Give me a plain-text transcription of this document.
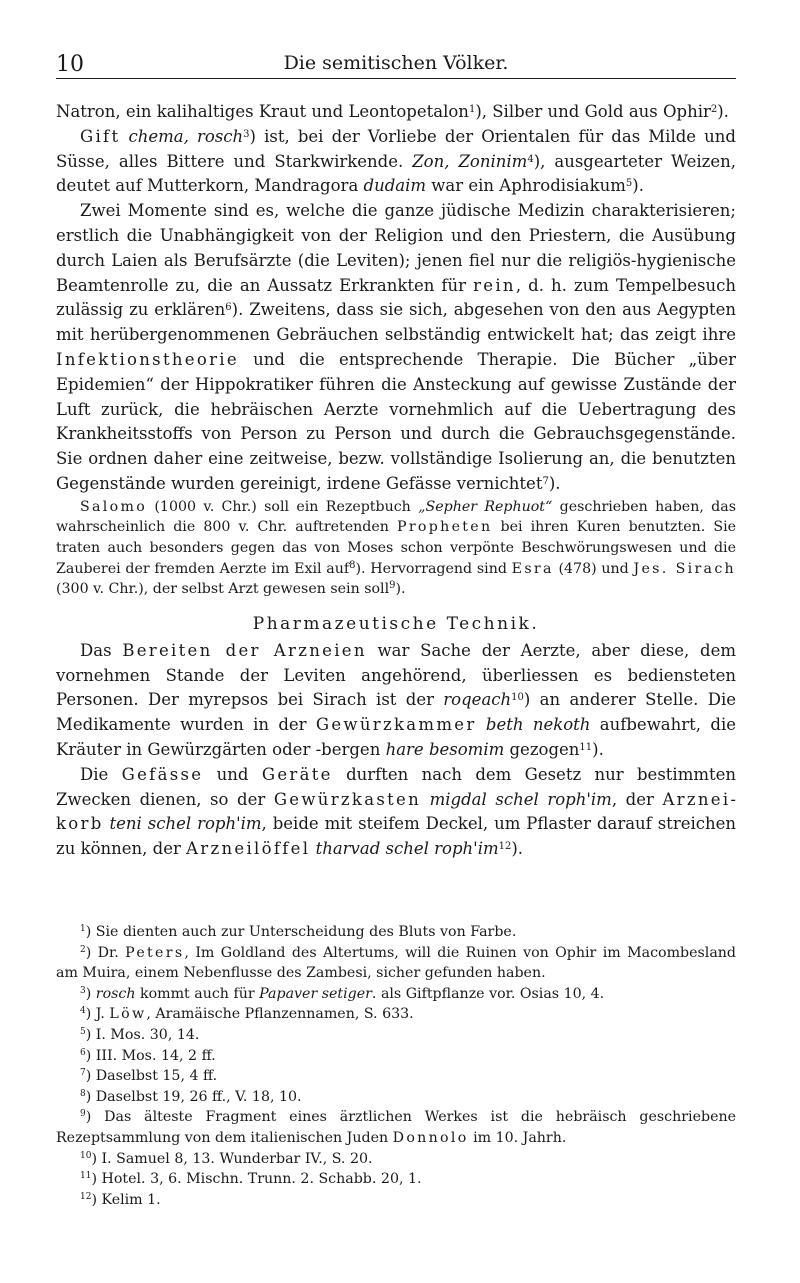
10	Die semitischen Völker.

Natron, ein kalihaltiges Kraut und Leontopetalon$^1$), Silber und Gold aus Ophir$^2$).

Gift chema, rosch$^3$) ist, bei der Vorliebe der Orientalen für das Milde und Süsse, alles Bittere und Starkwirkende. Zon, Zoninim$^4$), ausgearteter Weizen, deutet auf Mutterkorn, Mandragora dudaim war ein Aphrodisiakum$^5$).

Zwei Momente sind es, welche die ganze jüdische Medizin charakterisieren; erstlich die Unabhängigkeit von der Religion und den Priestern, die Ausübung durch Laien als Berufsärzte (die Leviten); jenen fiel nur die religiös-hygienische Beamtenrolle zu, die an Aussatz Erkrankten für rein, d. h. zum Tempelbesuch zulässig zu erklären$^6$). Zweitens, dass sie sich, abgesehen von den aus Aegypten mit herübergenommenen Gebräuchen selbständig entwickelt hat; das zeigt ihre Infektionstheorie und die entsprechende Therapie. Die Bücher „über Epidemien“ der Hippokratiker führen die Ansteckung auf gewisse Zustände der Luft zurück, die hebräischen Aerzte vornehmlich auf die Uebertragung des Krankheitsstoffs von Person zu Person und durch die Gebrauchsgegenstände. Sie ordnen daher eine zeitweise, bezw. vollständige Isolierung an, die benutzten Gegenstände wurden gereinigt, irdene Gefässe vernichtet$^7$).

Salomo (1000 v. Chr.) soll ein Rezeptbuch „Sepher Rephuot“ geschrieben haben, das wahrscheinlich die 800 v. Chr. auftretenden Propheten bei ihren Kuren benutzten. Sie traten auch besonders gegen das von Moses schon verpönte Beschwörungswesen und die Zauberei der fremden Aerzte im Exil auf$^8$). Hervorragend sind Esra (478) und Jes. Sirach (300 v. Chr.), der selbst Arzt gewesen sein soll$^9$).

Pharmazeutische Technik.

Das Bereiten der Arzneien war Sache der Aerzte, aber diese, dem vornehmen Stande der Leviten angehörend, überliessen es bediensteten Personen. Der myrepsos bei Sirach ist der roqeach$^{10}$) an anderer Stelle. Die Medikamente wurden in der Gewürzkammer beth nekoth aufbewahrt, die Kräuter in Gewürzgärten oder -bergen hare besomim gezogen$^{11}$).

Die Gefässe und Geräte durften nach dem Gesetz nur bestimmten Zwecken dienen, so der Gewürzkasten migdal schel roph'im, der Arzneikorb teni schel roph'im, beide mit steifem Deckel, um Pflaster darauf streichen zu können, der Arzneilöffel tharvad schel $roph'im^{12}$).

$^1$) Sie dienten auch zur Unterscheidung des Bluts von Farbe.
$^2$) Dr. Peters, Im Goldland des Altertums, will die Ruinen von Ophir im Macombesland am Muira, einem Nebenflusse des Zambesi, sicher gefunden haben.
$^3$) rosch kommt auch für Papaver setiger. als Giftpflanze vor. Osias 10, 4.
$^4$) J. Löw, Aramäische Pflanzennamen, S. 633.
$^5$) I. Mos. 30, 14.
$^6$) III. Mos. 14, 2 ff.
$^7$) Daselbst 15, 4 ff.
$^8$) Daselbst 19, 26 ff., V. 18, 10.
$^9$) Das älteste Fragment eines ärztlichen Werkes ist die hebräisch geschriebene Rezeptsammlung von dem italienischen Juden Donnolo im 10. Jahrh.
$^{10}$) I. Samuel 8, 13. Wunderbar IV., S. 20.
$^{11}$) Hotel. 3, 6. Mischn. Trunn. 2. Schabb. 20, 1.
$^{12}$) Kelim 1.
